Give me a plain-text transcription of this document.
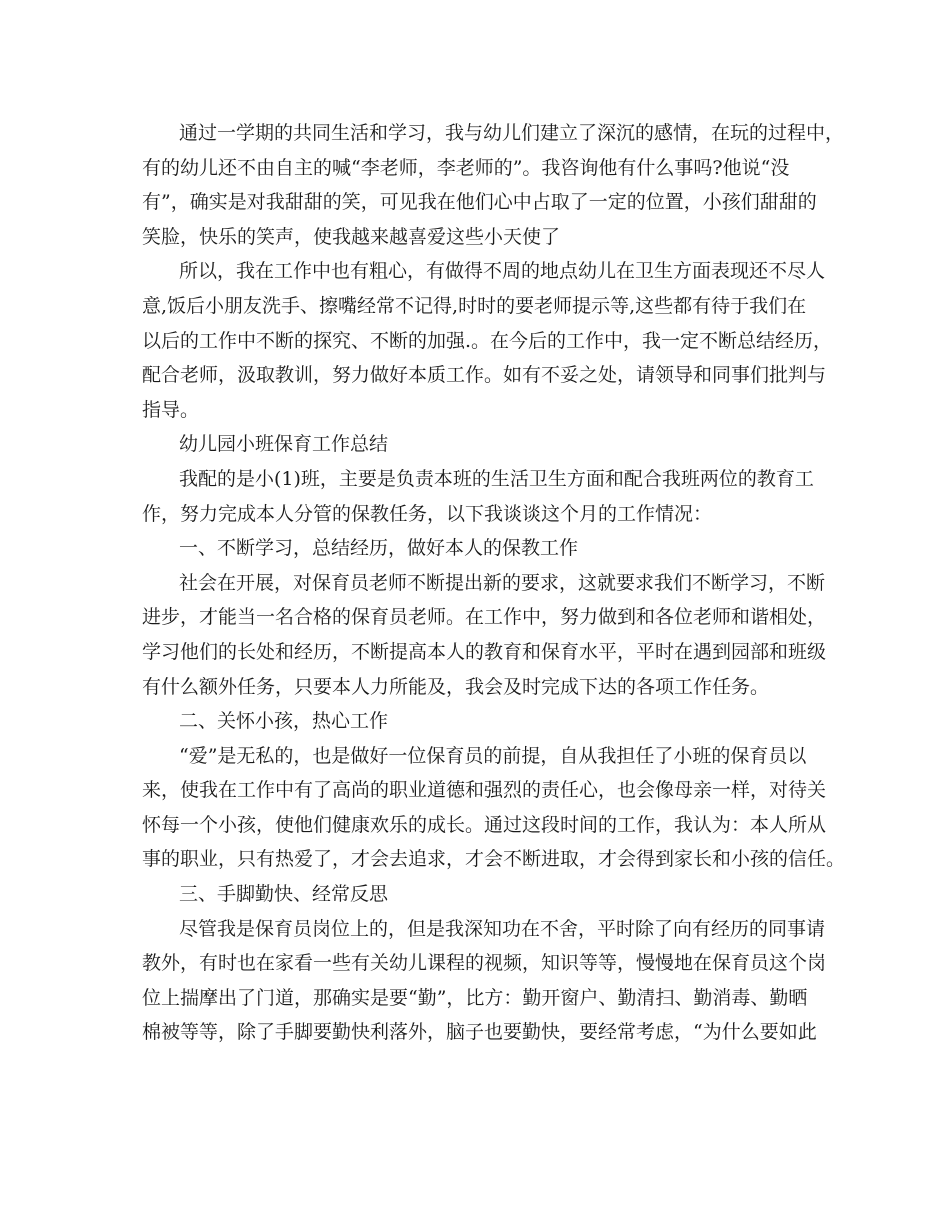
通过一学期的共同生活和学习，我与幼儿们建立了深沉的感情，在玩的过程中，
有的幼儿还不由自主的喊“李老师，李老师的”。我咨询他有什么事吗?他说“没
有”，确实是对我甜甜的笑，可见我在他们心中占取了一定的位置，小孩们甜甜的
笑脸，快乐的笑声，使我越来越喜爱这些小天使了
所以，我在工作中也有粗心，有做得不周的地点幼儿在卫生方面表现还不尽人
意,饭后小朋友洗手、擦嘴经常不记得,时时的要老师提示等,这些都有待于我们在
以后的工作中不断的探究、不断的加强.。在今后的工作中，我一定不断总结经历，
配合老师，汲取教训，努力做好本质工作。如有不妥之处，请领导和同事们批判与
指导。
幼儿园小班保育工作总结
我配的是小(1)班，主要是负责本班的生活卫生方面和配合我班两位的教育工
作，努力完成本人分管的保教任务，以下我谈谈这个月的工作情况：
一、不断学习，总结经历，做好本人的保教工作
社会在开展，对保育员老师不断提出新的要求，这就要求我们不断学习，不断
进步，才能当一名合格的保育员老师。在工作中，努力做到和各位老师和谐相处，
学习他们的长处和经历，不断提高本人的教育和保育水平，平时在遇到园部和班级
有什么额外任务，只要本人力所能及，我会及时完成下达的各项工作任务。
二、关怀小孩，热心工作
“爱”是无私的，也是做好一位保育员的前提，自从我担任了小班的保育员以
来，使我在工作中有了高尚的职业道德和强烈的责任心，也会像母亲一样，对待关
怀每一个小孩，使他们健康欢乐的成长。通过这段时间的工作，我认为：本人所从
事的职业，只有热爱了，才会去追求，才会不断进取，才会得到家长和小孩的信任。
三、手脚勤快、经常反思
尽管我是保育员岗位上的，但是我深知功在不舍，平时除了向有经历的同事请
教外，有时也在家看一些有关幼儿课程的视频，知识等等，慢慢地在保育员这个岗
位上揣摩出了门道，那确实是要“勤”，比方：勤开窗户、勤清扫、勤消毒、勤晒
棉被等等，除了手脚要勤快利落外，脑子也要勤快，要经常考虑，“为什么要如此
